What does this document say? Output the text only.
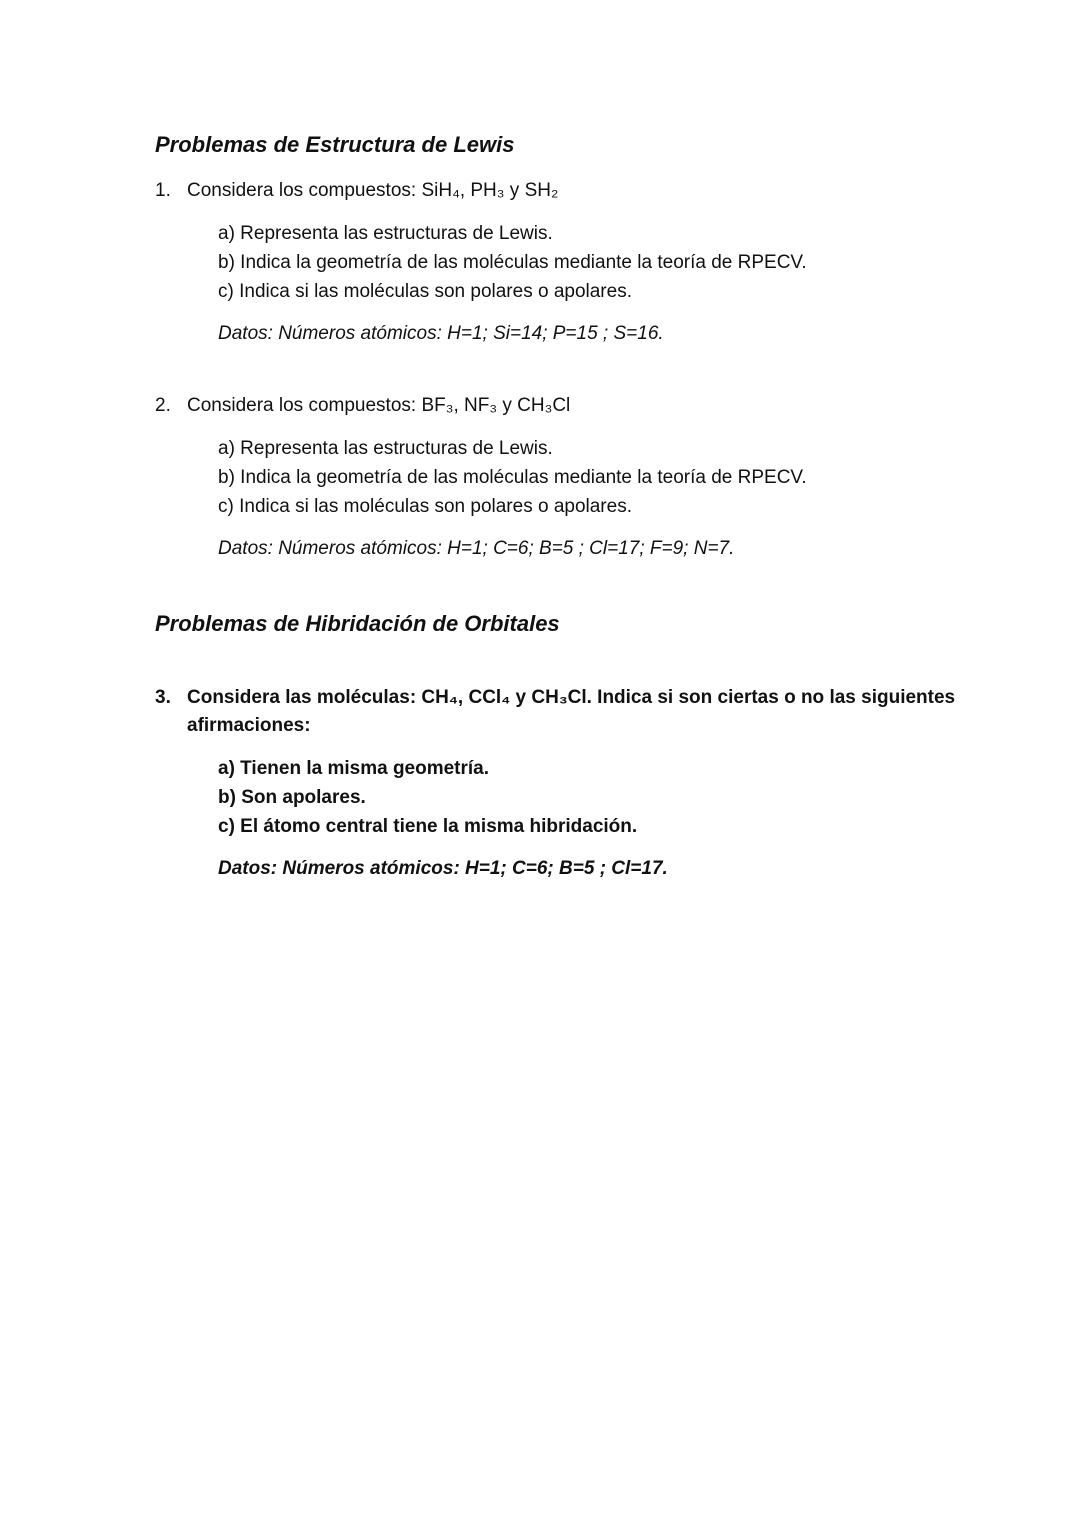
Problemas de Estructura de Lewis
1. Considera los compuestos: SiH₄, PH₃ y SH₂
a) Representa las estructuras de Lewis.
b) Indica la geometría de las moléculas mediante la teoría de RPECV.
c) Indica si las moléculas son polares o apolares.
Datos: Números atómicos: H=1; Si=14; P=15 ; S=16.
2. Considera los compuestos: BF₃, NF₃ y CH₃Cl
a) Representa las estructuras de Lewis.
b) Indica la geometría de las moléculas mediante la teoría de RPECV.
c) Indica si las moléculas son polares o apolares.
Datos: Números atómicos: H=1; C=6; B=5 ; Cl=17; F=9; N=7.
Problemas de Hibridación de Orbitales
3. Considera las moléculas: CH₄, CCl₄ y CH₃Cl. Indica si son ciertas o no las siguientes
afirmaciones:
a) Tienen la misma geometría.
b) Son apolares.
c) El átomo central tiene la misma hibridación.
Datos: Números atómicos: H=1; C=6; B=5 ; Cl=17.
